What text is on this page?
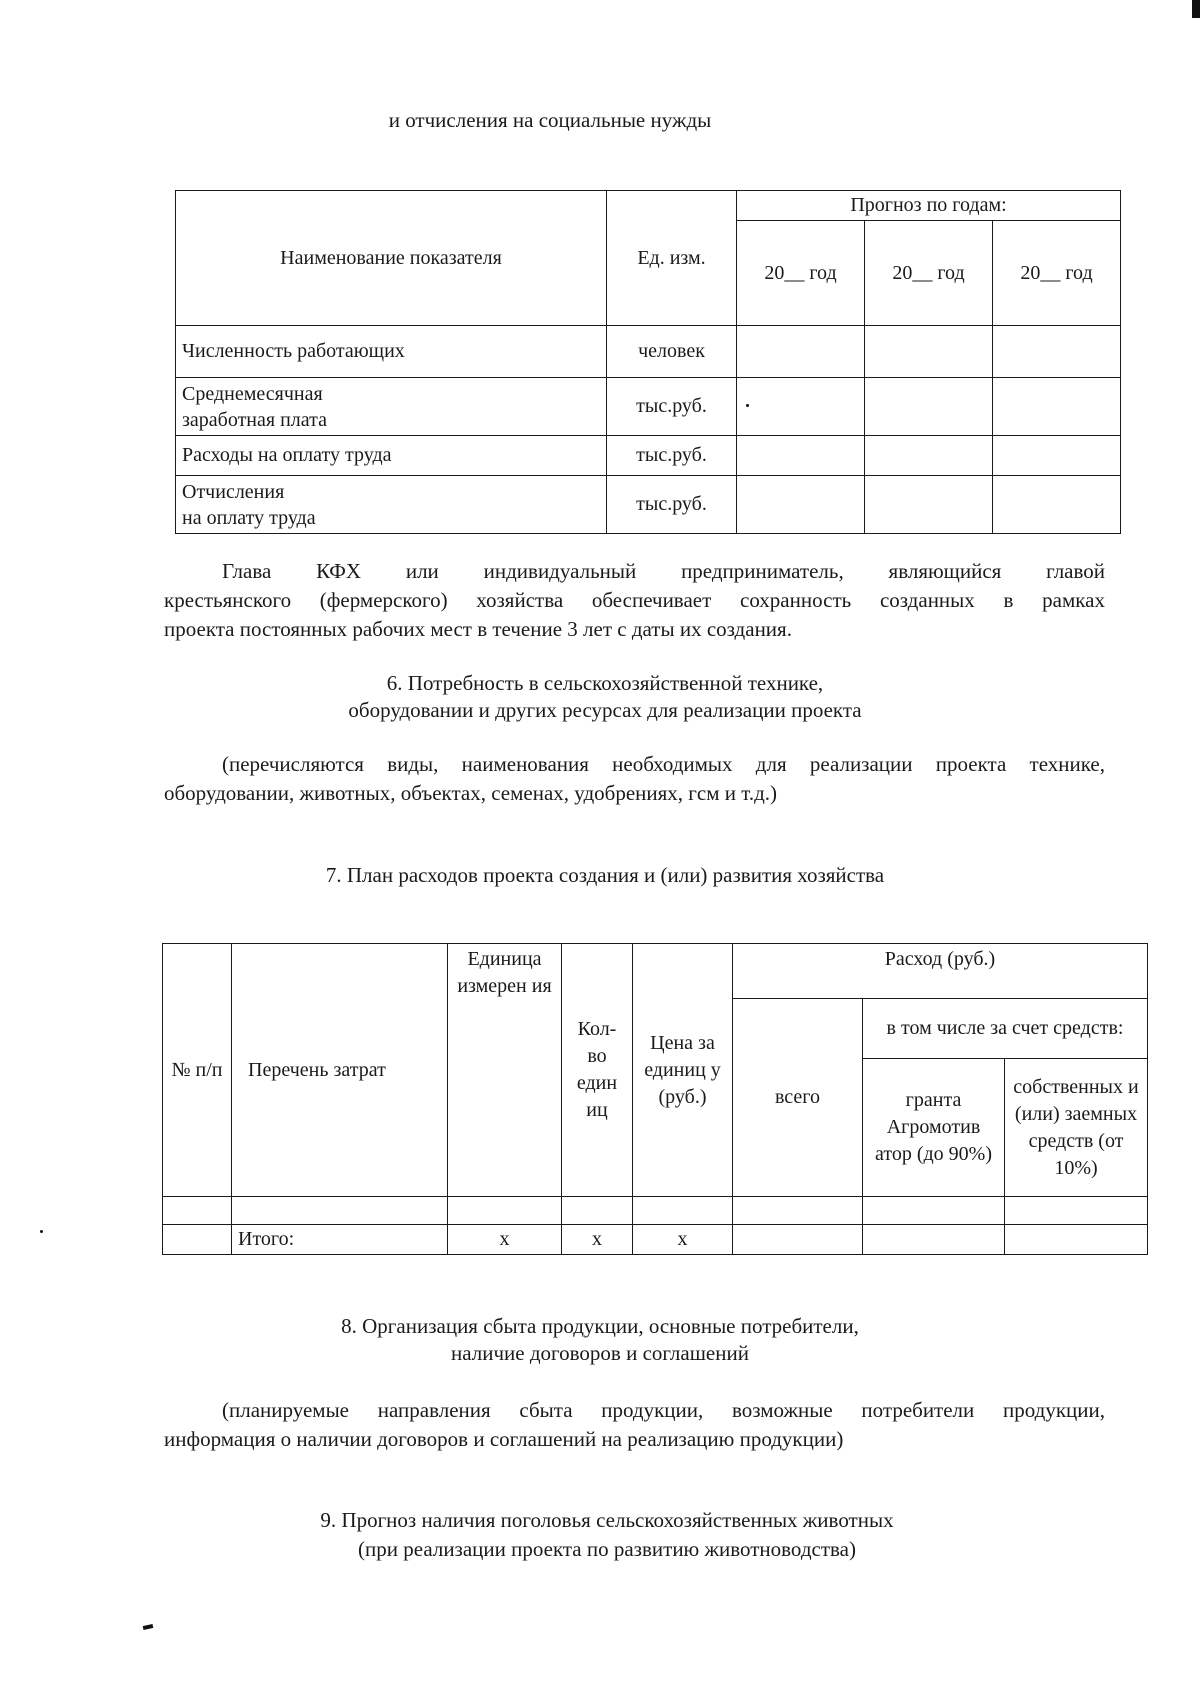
и отчисления на социальные нужды
Наименование показателя	Ед. изм.	Прогноз по годам:		
		20__ год	20__ год	20__ год
Численность работающих	человек			
Среднемесячная
заработная плата	тыс.руб.			
Расходы на оплату труда	тыс.руб.			
Отчисления
на оплату труда	тыс.руб.			
Глава КФХ или индивидуальный предприниматель, являющийся главой
крестьянского (фермерского) хозяйства обеспечивает сохранность созданных в рамках
проекта постоянных рабочих мест в течение 3 лет с даты их создания.
6. Потребность в сельскохозяйственной технике,
оборудовании и других ресурсах для реализации проекта
(перечисляются виды, наименования необходимых для реализации проекта технике,
оборудовании, животных, объектах, семенах, удобрениях, гсм и т.д.)
7. План расходов проекта создания и (или) развития хозяйства
№ п/п	Перечень затрат	Единица измерен ия	Кол- во един иц	Цена за единиц у (руб.)	Расход (руб.)		
					всего	в том числе за счет средств:	
						гранта Агромотив атор (до 90%)	собственных и (или) заемных средств (от 10%)

	Итого:	x	x	x			
8. Организация сбыта продукции, основные потребители,
наличие договоров и соглашений
(планируемые направления сбыта продукции, возможные потребители продукции,
информация о наличии договоров и соглашений на реализацию продукции)
9. Прогноз наличия поголовья сельскохозяйственных животных
(при реализации проекта по развитию животноводства)
